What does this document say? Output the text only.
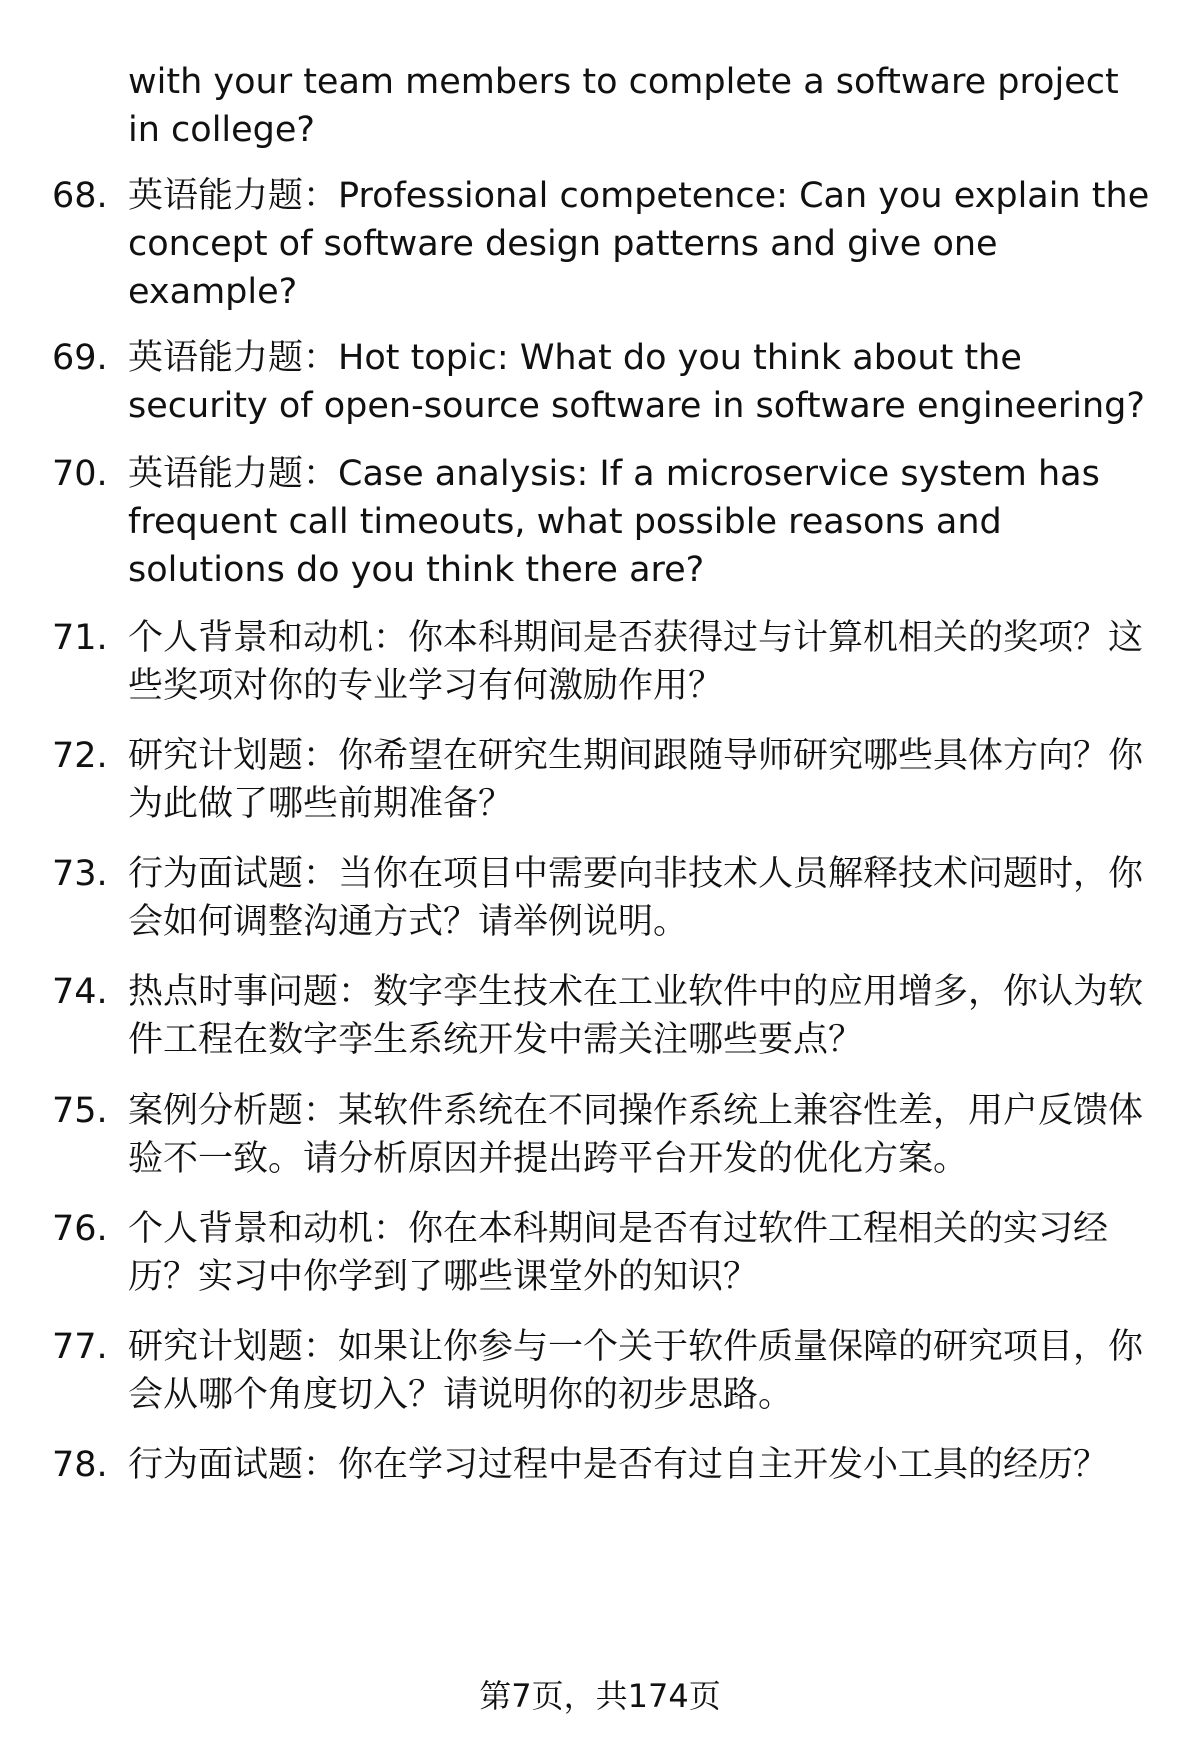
with your team members to complete a software project in college?
68. 英语能力题：Professional competence: Can you explain the concept of software design patterns and give one example?
69. 英语能力题：Hot topic: What do you think about the security of open-source software in software engineering?
70. 英语能力题：Case analysis: If a microservice system has frequent call timeouts, what possible reasons and solutions do you think there are?
71. 个人背景和动机：你本科期间是否获得过与计算机相关的奖项？这些奖项对你的专业学习有何激励作用？
72. 研究计划题：你希望在研究生期间跟随导师研究哪些具体方向？你为此做了哪些前期准备？
73. 行为面试题：当你在项目中需要向非技术人员解释技术问题时，你会如何调整沟通方式？请举例说明。
74. 热点时事问题：数字孪生技术在工业软件中的应用增多，你认为软件工程在数字孪生系统开发中需关注哪些要点？
75. 案例分析题：某软件系统在不同操作系统上兼容性差，用户反馈体验不一致。请分析原因并提出跨平台开发的优化方案。
76. 个人背景和动机：你在本科期间是否有过软件工程相关的实习经历？实习中你学到了哪些课堂外的知识？
77. 研究计划题：如果让你参与一个关于软件质量保障的研究项目，你会从哪个角度切入？请说明你的初步思路。
78. 行为面试题：你在学习过程中是否有过自主开发小工具的经历？
第7页，共174页
